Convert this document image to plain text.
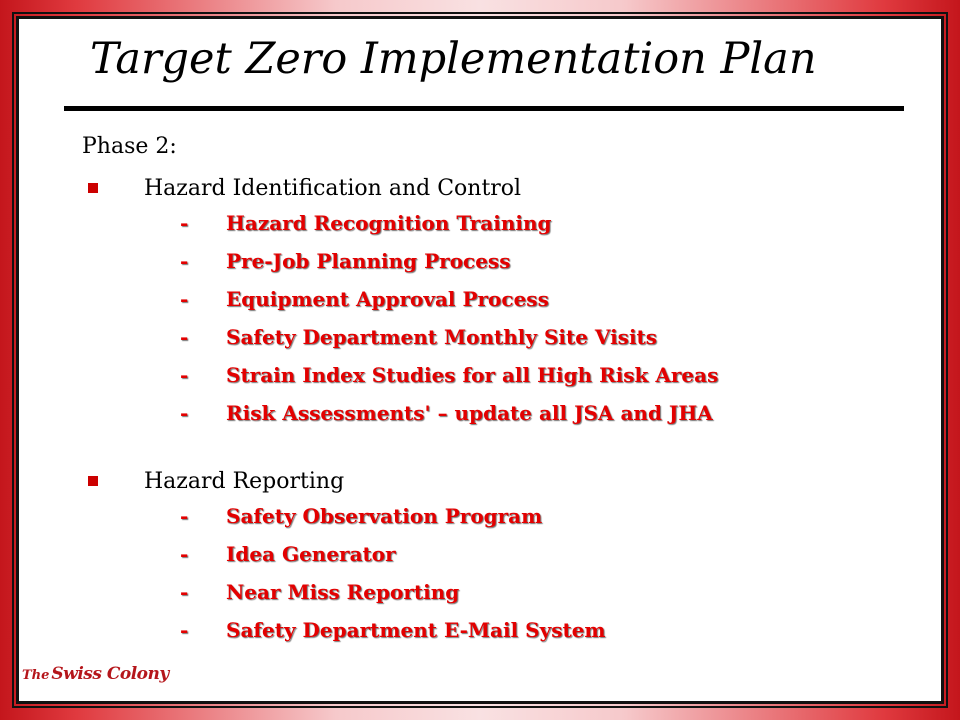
Target Zero Implementation Plan
Phase 2:
Hazard Identification and Control
-	Hazard Recognition Training
-	Pre-Job Planning Process
-	Equipment Approval Process
-	Safety Department Monthly Site Visits
-	Strain Index Studies for all High Risk Areas
-	Risk Assessments' – update all JSA and JHA
Hazard Reporting
-	Safety Observation Program
-	Idea Generator
-	Near Miss Reporting
-	Safety Department E-Mail System
The Swiss Colony
